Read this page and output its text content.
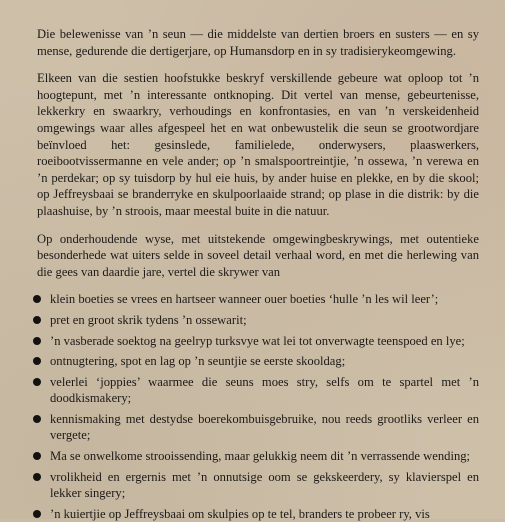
Die belewenisse van ’n seun — die middelste van dertien broers en susters — en sy mense, gedurende die dertigerjare, op Humansdorp en in sy tradisierykeomgewing.

Elkeen van die sestien hoofstukke beskryf verskillende gebeure wat oploop tot ’n hoogtepunt, met ’n interessante ontknoping. Dit vertel van mense, gebeurtenisse, lekkerkry en swaarkry, verhoudings en konfrontasies, en van ’n verskeidenheid omgewings waar alles afgespeel het en wat onbewustelik die seun se grootwordjare beïnvloed het: gesinslede, familielede, onderwysers, plaaswerkers, roeibootvissermanne en vele ander; op ’n smalspoortreintjie, ’n ossewa, ’n verewa en ’n perdekar; op sy tuisdorp by hul eie huis, by ander huise en plekke, en by die skool; op Jeffreysbaai se branderryke en skulpoorlaaide strand; op plase in die distrik: by die plaashuise, by ’n stroois, maar meestal buite in die natuur.

Op onderhoudende wyse, met uitstekende omgewingbeskrywings, met outentieke besonderhede wat uiters selde in soveel detail verhaal word, en met die herlewing van die gees van daardie jare, vertel die skrywer van

klein boeties se vrees en hartseer wanneer ouer boeties ‘hulle ’n les wil leer’;
pret en groot skrik tydens ’n ossewarit;
’n vasberade soektog na geelryp turksvye wat lei tot onverwagte teenspoed en lye;
ontnugtering, spot en lag op ’n seuntjie se eerste skooldag;
velerlei ‘joppies’ waarmee die seuns moes stry, selfs om te spartel met ’n doodkismakery;
kennismaking met destydse boerekombuisgebruike, nou reeds grootliks verleer en vergete;
Ma se onwelkome strooissending, maar gelukkig neem dit ’n verrassende wending;
vrolikheid en ergernis met ’n onnutsige oom se gekskeerdery, sy klavierspel en lekker singery;
’n kuiertjie op Jeffreysbaai om skulpies op te tel, branders te probeer ry, vis
